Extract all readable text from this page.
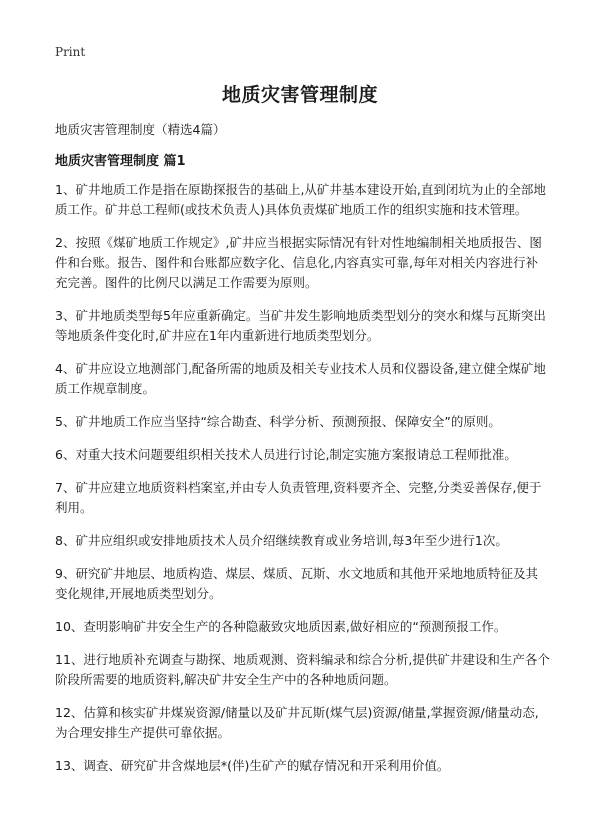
Print
地质灾害管理制度
地质灾害管理制度（精选4篇）
地质灾害管理制度 篇1

1、矿井地质工作是指在原勘探报告的基础上,从矿井基本建设开始,直到闭坑为止的全部地质工作。矿井总工程师(或技术负责人)具体负责煤矿地质工作的组织实施和技术管理。

2、按照《煤矿地质工作规定》,矿井应当根据实际情况有针对性地编制相关地质报告、图件和台账。报告、图件和台账都应数字化、信息化,内容真实可靠,每年对相关内容进行补充完善。图件的比例尺以满足工作需要为原则。

3、矿井地质类型每5年应重新确定。当矿井发生影响地质类型划分的突水和煤与瓦斯突出等地质条件变化时,矿井应在1年内重新进行地质类型划分。

4、矿井应设立地测部门,配备所需的地质及相关专业技术人员和仪器设备,建立健全煤矿地质工作规章制度。

5、矿井地质工作应当坚持“综合勘查、科学分析、预测预报、保障安全”的原则。

6、对重大技术问题要组织相关技术人员进行讨论,制定实施方案报请总工程师批准。

7、矿井应建立地质资料档案室,并由专人负责管理,资料要齐全、完整,分类妥善保存,便于利用。

8、矿井应组织或安排地质技术人员介绍继续教育或业务培训,每3年至少进行1次。

9、研究矿井地层、地质构造、煤层、煤质、瓦斯、水文地质和其他开采地地质特征及其变化规律,开展地质类型划分。

10、查明影响矿井安全生产的各种隐蔽致灾地质因素,做好相应的“预测预报工作。

11、进行地质补充调查与勘探、地质观测、资料编录和综合分析,提供矿井建设和生产各个阶段所需要的地质资料,解决矿井安全生产中的各种地质问题。

12、估算和核实矿井煤炭资源/储量以及矿井瓦斯(煤气层)资源/储量,掌握资源/储量动态,为合理安排生产提供可靠依据。

13、调查、研究矿井含煤地层*(伴)生矿产的赋存情况和开采利用价值。
